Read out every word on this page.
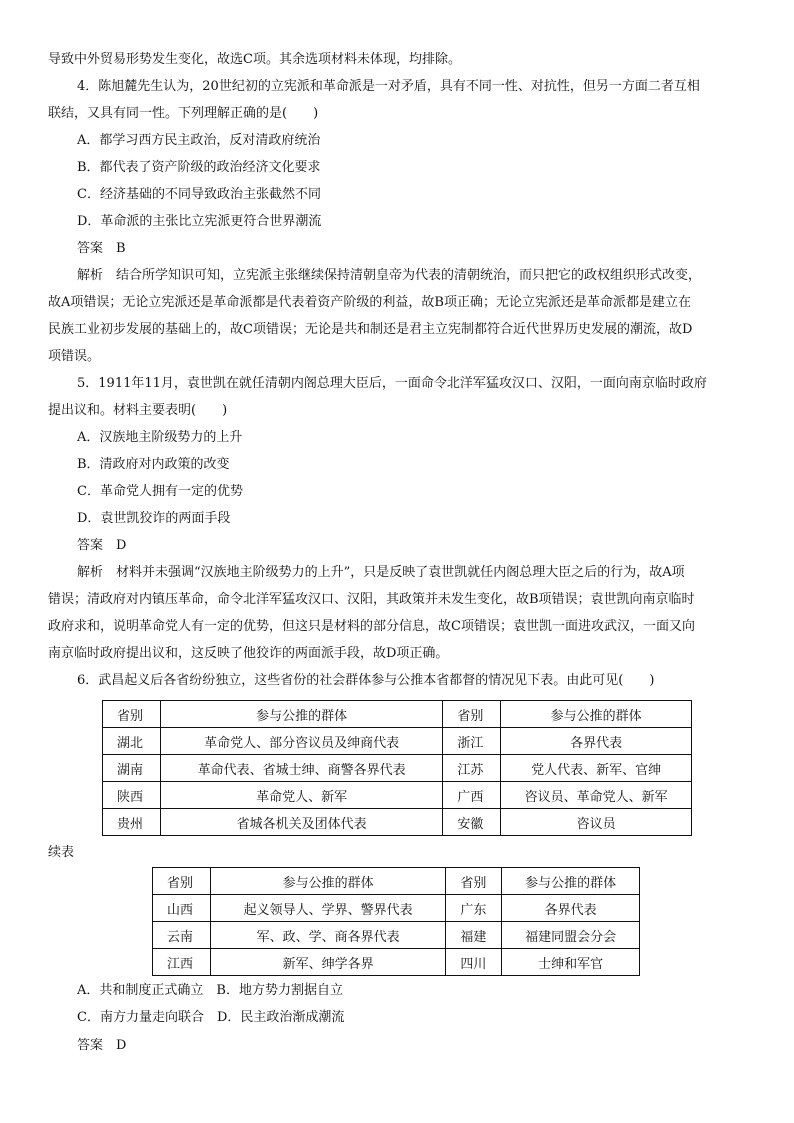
导致中外贸易形势发生变化，故选C项。其余选项材料未体现，均排除。
4．陈旭麓先生认为，20世纪初的立宪派和革命派是一对矛盾，具有不同一性、对抗性，但另一方面二者互相
联结，又具有同一性。下列理解正确的是(　　)
A．都学习西方民主政治，反对清政府统治
B．都代表了资产阶级的政治经济文化要求
C．经济基础的不同导致政治主张截然不同
D．革命派的主张比立宪派更符合世界潮流
答案　B
解析　结合所学知识可知，立宪派主张继续保持清朝皇帝为代表的清朝统治，而只把它的政权组织形式改变，
故A项错误；无论立宪派还是革命派都是代表着资产阶级的利益，故B项正确；无论立宪派还是革命派都是建立在
民族工业初步发展的基础上的，故C项错误；无论是共和制还是君主立宪制都符合近代世界历史发展的潮流，故D
项错误。
5．1911年11月，袁世凯在就任清朝内阁总理大臣后，一面命令北洋军猛攻汉口、汉阳，一面向南京临时政府
提出议和。材料主要表明(　　)
A．汉族地主阶级势力的上升
B．清政府对内政策的改变
C．革命党人拥有一定的优势
D．袁世凯狡诈的两面手段
答案　D
解析　材料并未强调“汉族地主阶级势力的上升”，只是反映了袁世凯就任内阁总理大臣之后的行为，故A项
错误；清政府对内镇压革命，命令北洋军猛攻汉口、汉阳，其政策并未发生变化，故B项错误；袁世凯向南京临时
政府求和，说明革命党人有一定的优势，但这只是材料的部分信息，故C项错误；袁世凯一面进攻武汉，一面又向
南京临时政府提出议和，这反映了他狡诈的两面派手段，故D项正确。
6．武昌起义后各省纷纷独立，这些省份的社会群体参与公推本省都督的情况见下表。由此可见(　　)
省别	参与公推的群体	省别	参与公推的群体
湖北	革命党人、部分咨议员及绅商代表	浙江	各界代表
湖南	革命代表、省城士绅、商警各界代表	江苏	党人代表、新军、官绅
陕西	革命党人、新军	广西	咨议员、革命党人、新军
贵州	省城各机关及团体代表	安徽	咨议员
续表
省别	参与公推的群体	省别	参与公推的群体
山西	起义领导人、学界、警界代表	广东	各界代表
云南	军、政、学、商各界代表	福建	福建同盟会分会
江西	新军、绅学各界	四川	士绅和军官
A．共和制度正式确立　B．地方势力割据自立
C．南方力量走向联合　D．民主政治渐成潮流
答案　D
